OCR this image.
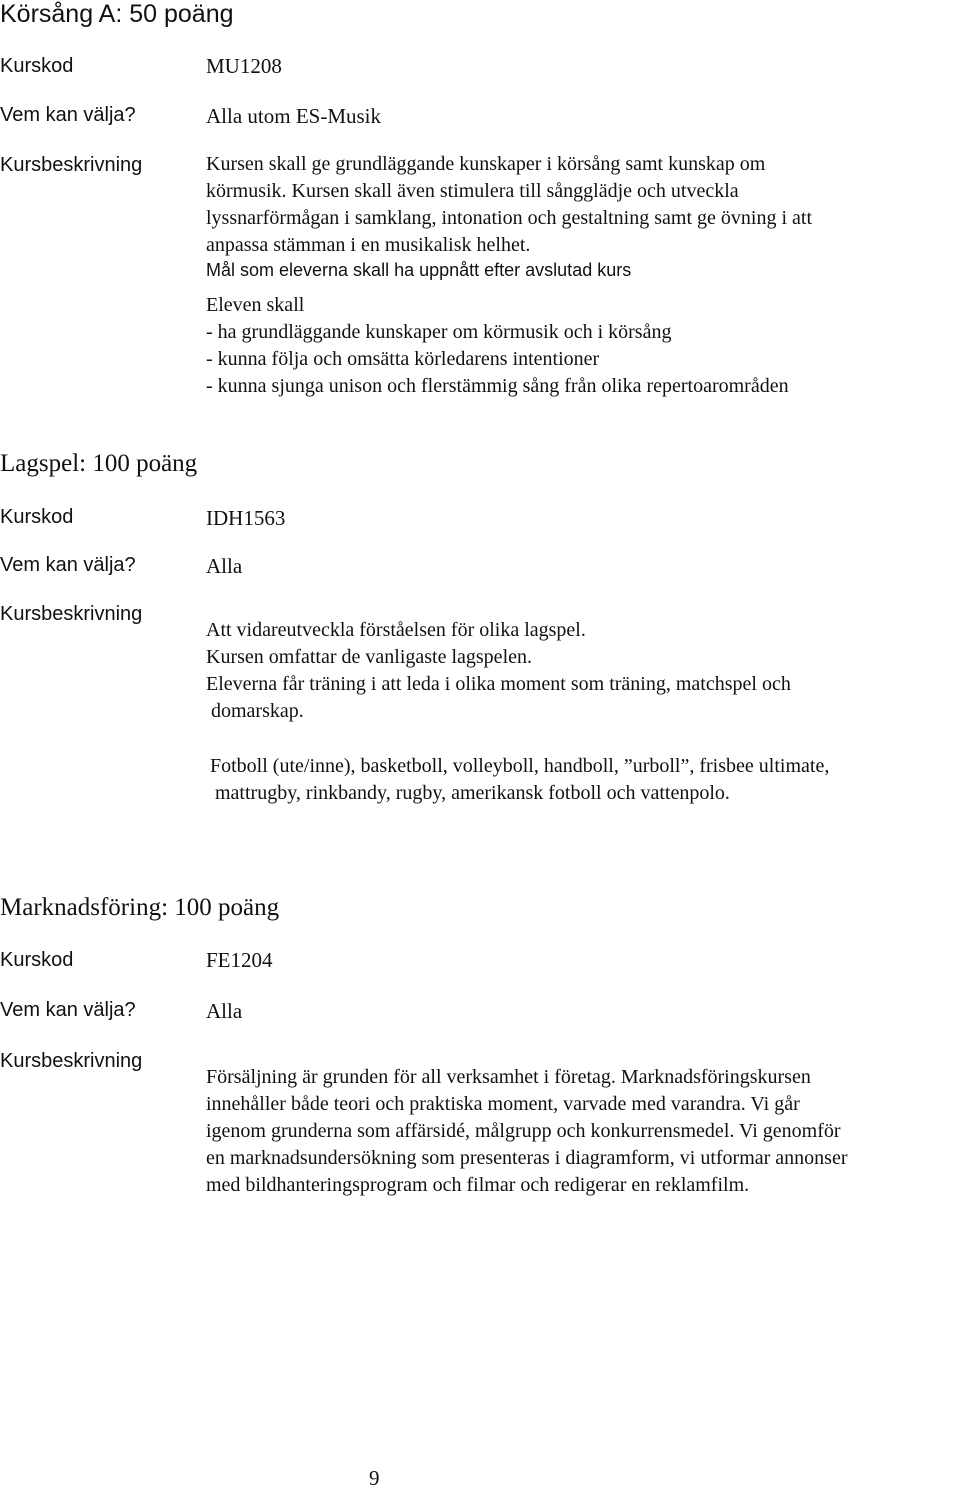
Körsång A: 50 poäng
Kurskod	MU1208
Vem kan välja?	Alla utom ES-Musik
Kursbeskrivning	Kursen skall ge grundläggande kunskaper i körsång samt kunskap om
körmusik. Kursen skall även stimulera till sångglädje och utveckla
lyssnarförmågan i samklang, intonation och gestaltning samt ge övning i att
anpassa stämman i en musikalisk helhet.
Mål som eleverna skall ha uppnått efter avslutad kurs
Eleven skall
- ha grundläggande kunskaper om körmusik och i körsång
- kunna följa och omsätta körledarens intentioner
- kunna sjunga unison och flerstämmig sång från olika repertoarområden
Lagspel: 100 poäng
Kurskod	IDH1563
Vem kan välja?	Alla
Kursbeskrivning
Att vidareutveckla förståelsen för olika lagspel.
Kursen omfattar de vanligaste lagspelen.
Eleverna får träning i att leda i olika moment som träning, matchspel och
domarskap.
Fotboll (ute/inne), basketboll, volleyboll, handboll, ”urboll”, frisbee ultimate,
mattrugby, rinkbandy, rugby, amerikansk fotboll och vattenpolo.
Marknadsföring: 100 poäng
Kurskod	FE1204
Vem kan välja?	Alla
Kursbeskrivning
Försäljning är grunden för all verksamhet i företag. Marknadsföringskursen
innehåller både teori och praktiska moment, varvade med varandra. Vi går
igenom grunderna som affärsidé, målgrupp och konkurrensmedel. Vi genomför
en marknadsundersökning som presenteras i diagramform, vi utformar annonser
med bildhanteringsprogram och filmar och redigerar en reklamfilm.
9
